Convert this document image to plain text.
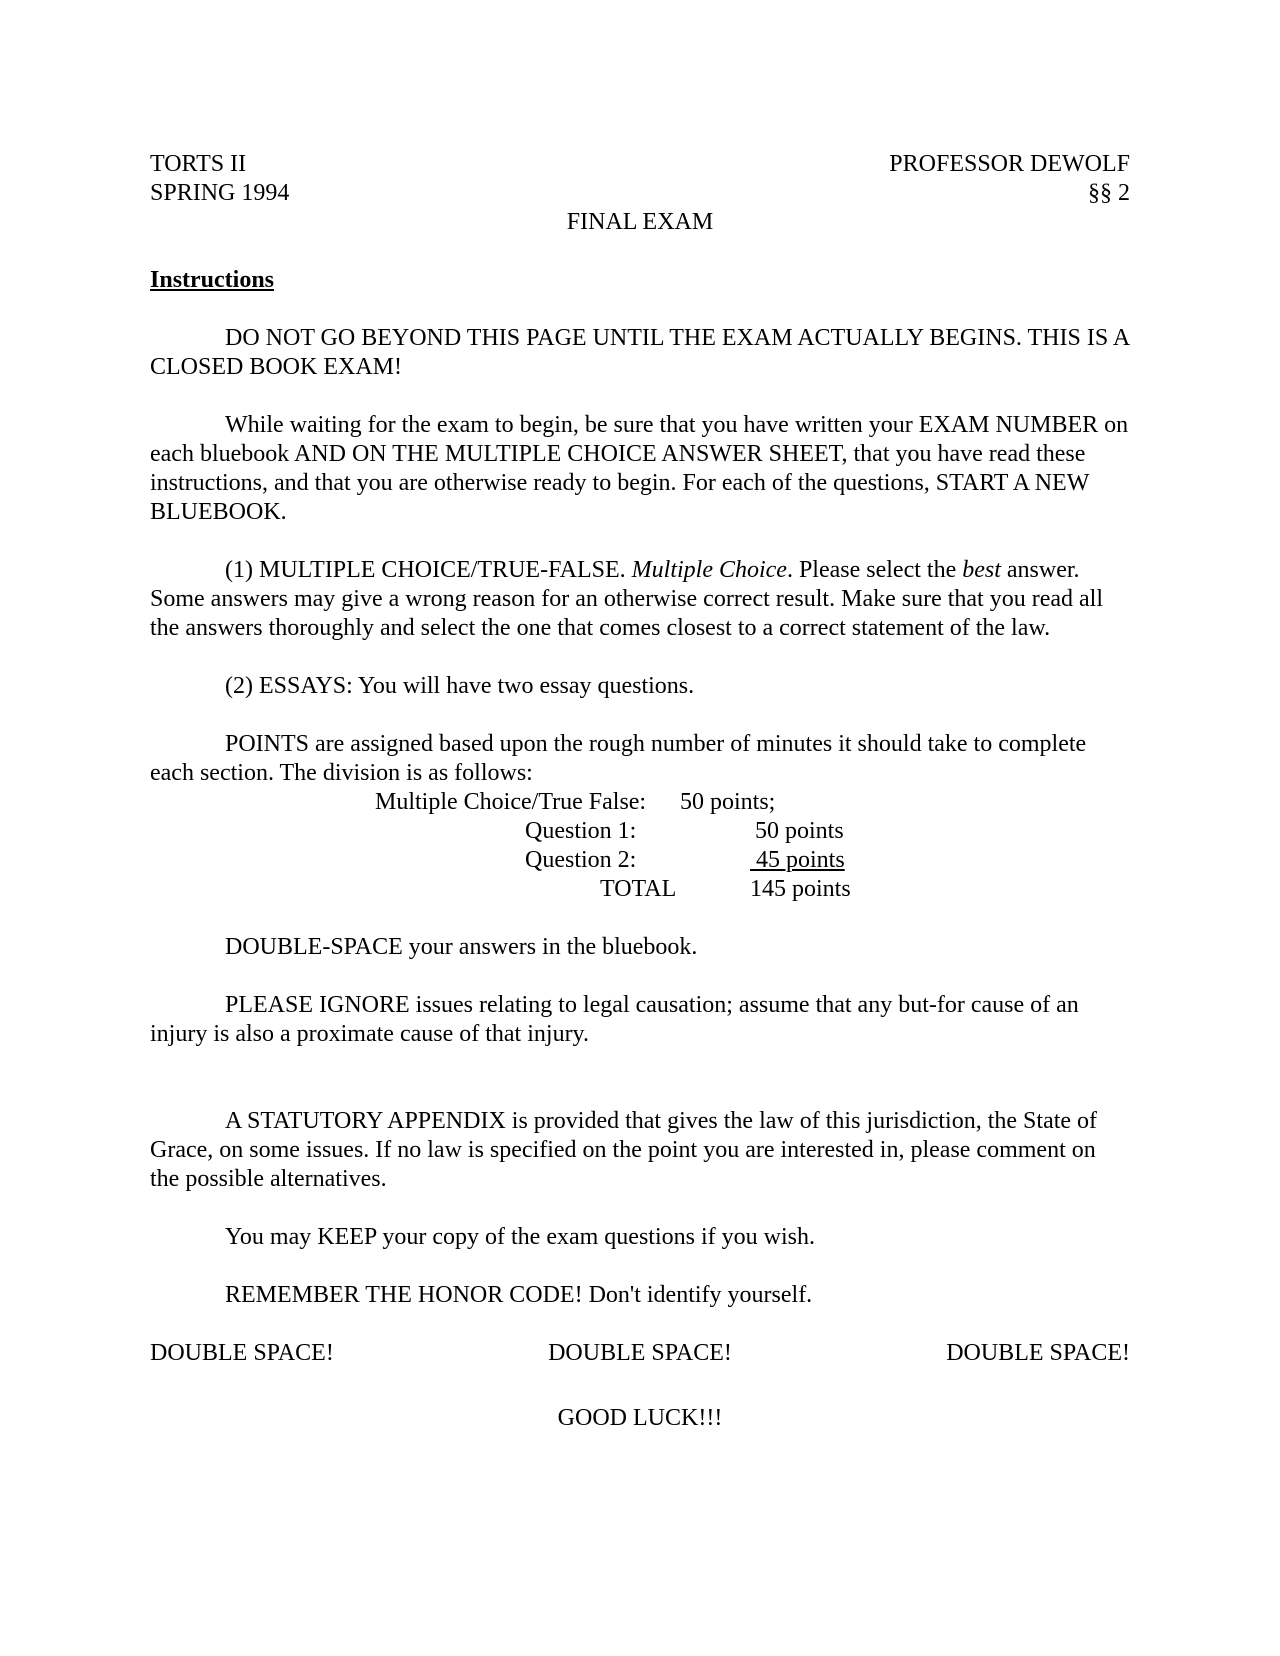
TORTS II	PROFESSOR DEWOLF
SPRING 1994	§§ 2
FINAL EXAM
Instructions

DO NOT GO BEYOND THIS PAGE UNTIL THE EXAM ACTUALLY BEGINS. THIS IS A CLOSED BOOK EXAM!

While waiting for the exam to begin, be sure that you have written your EXAM NUMBER on each bluebook AND ON THE MULTIPLE CHOICE ANSWER SHEET, that you have read these instructions, and that you are otherwise ready to begin. For each of the questions, START A NEW BLUEBOOK.

(1) MULTIPLE CHOICE/TRUE-FALSE. Multiple Choice. Please select the best answer. Some answers may give a wrong reason for an otherwise correct result. Make sure that you read all the answers thoroughly and select the one that comes closest to a correct statement of the law.

(2) ESSAYS: You will have two essay questions.

POINTS are assigned based upon the rough number of minutes it should take to complete each section. The division is as follows:

Multiple Choice/True False: 50 points;
Question 1:	50 points
Question 2:	45 points
TOTAL	145 points

DOUBLE-SPACE your answers in the bluebook.

PLEASE IGNORE issues relating to legal causation; assume that any but-for cause of an injury is also a proximate cause of that injury.

A STATUTORY APPENDIX is provided that gives the law of this jurisdiction, the State of Grace, on some issues. If no law is specified on the point you are interested in, please comment on the possible alternatives.

You may KEEP your copy of the exam questions if you wish.

REMEMBER THE HONOR CODE! Don't identify yourself.

DOUBLE SPACE!	DOUBLE SPACE!	DOUBLE SPACE!
GOOD LUCK!!!
